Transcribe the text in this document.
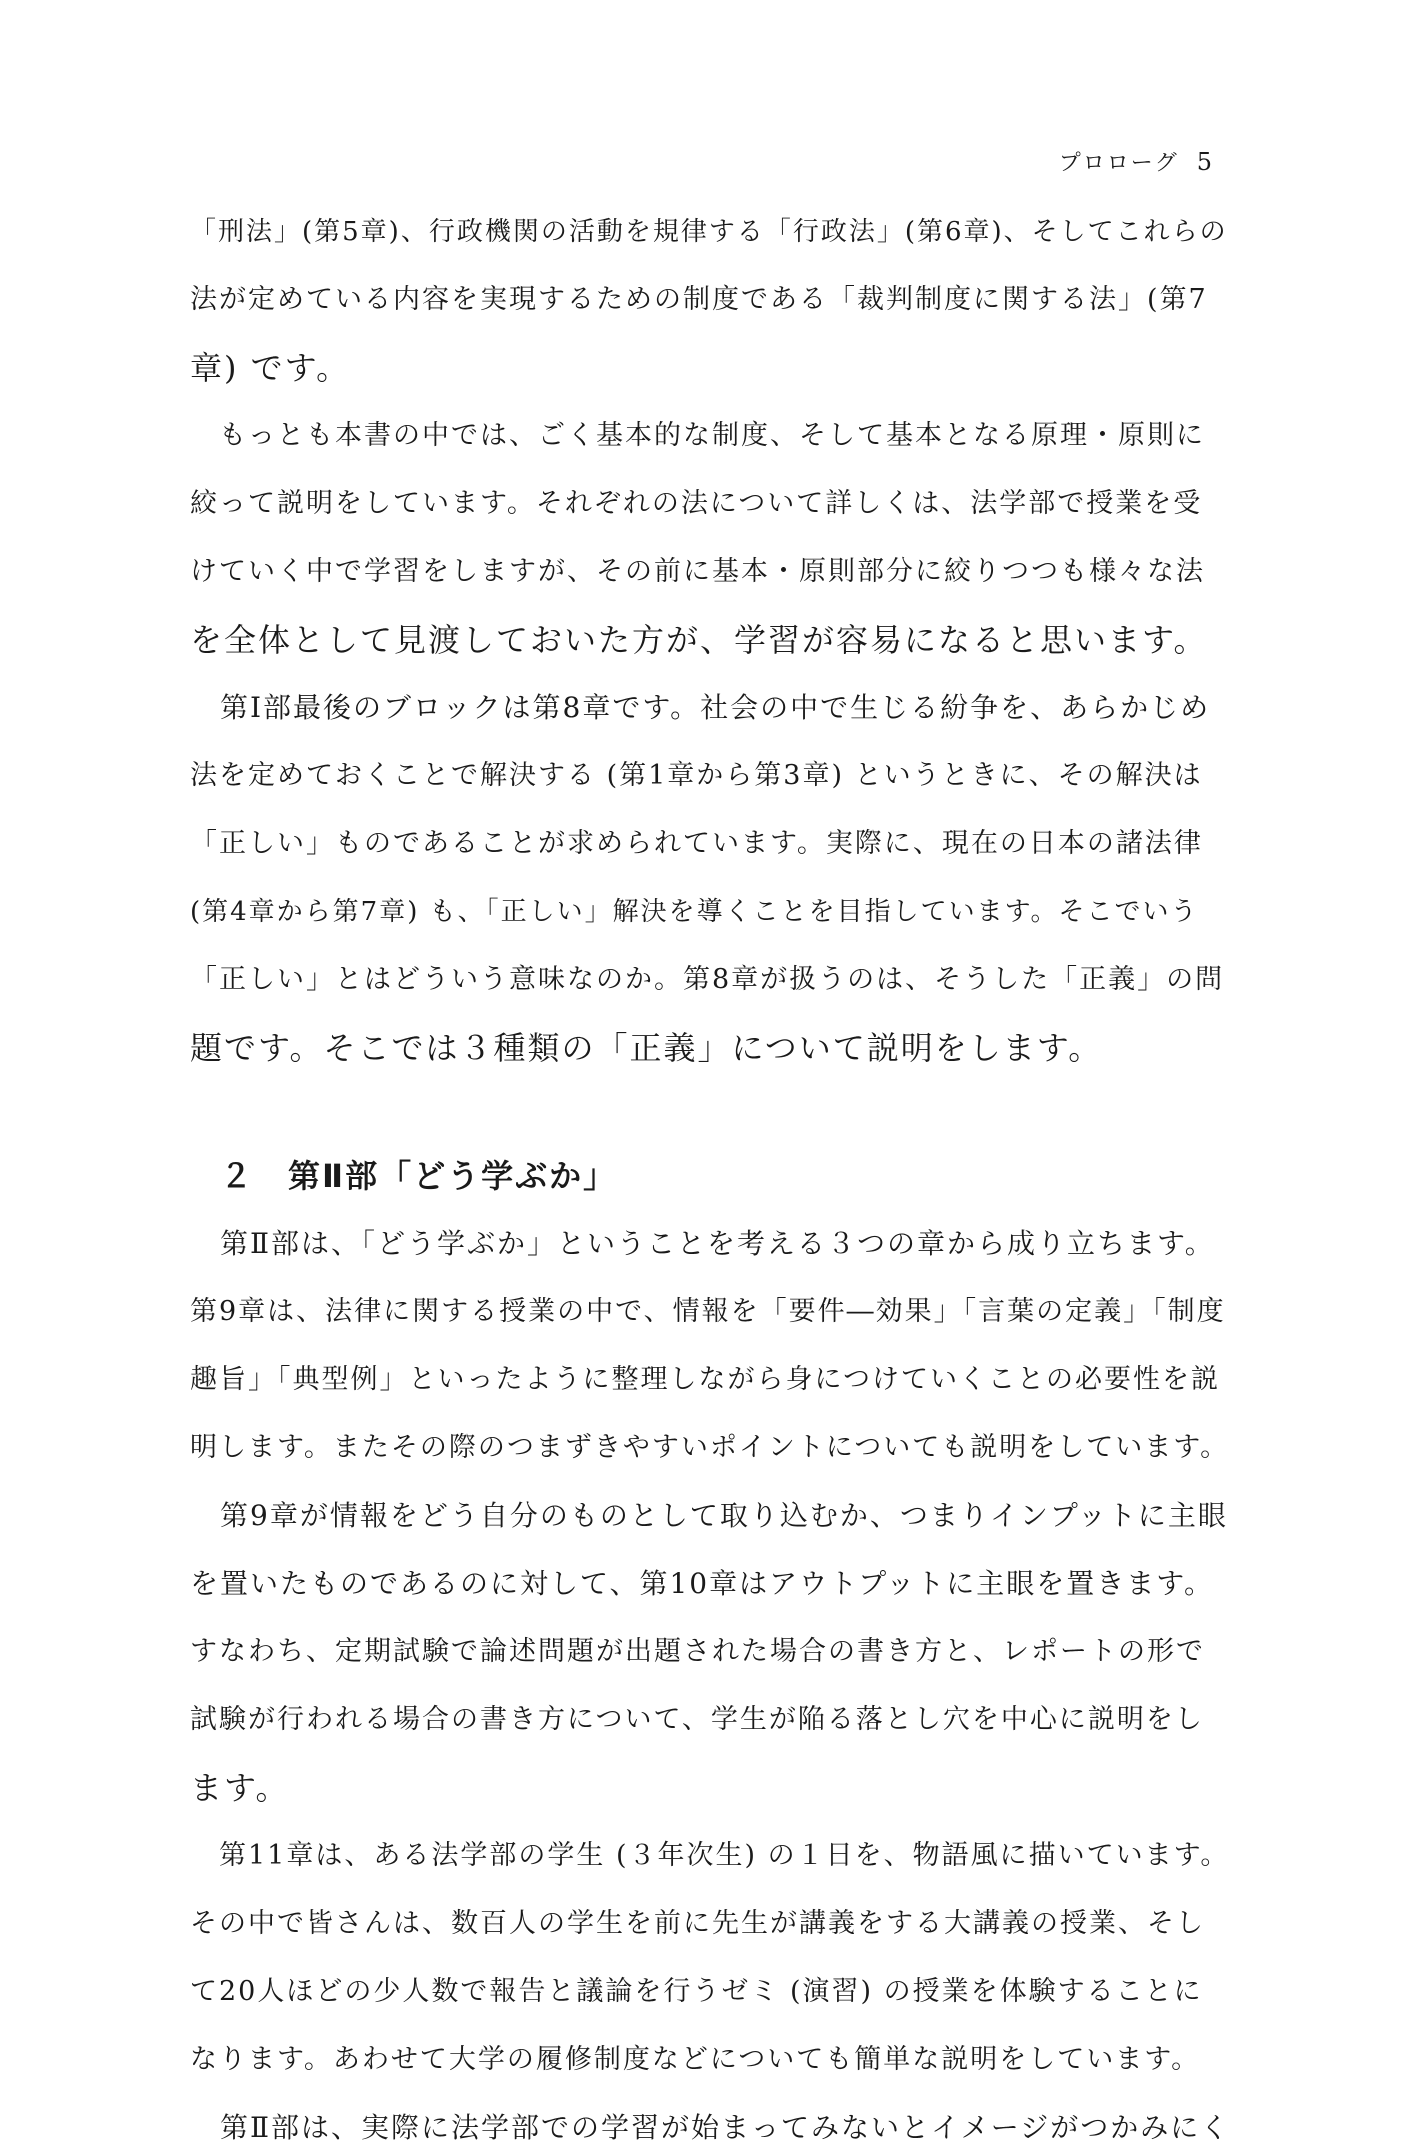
プロローグ 5
「刑法」(第5章)、行政機関の活動を規律する「行政法」(第6章)、そしてこれらの
法が定めている内容を実現するための制度である「裁判制度に関する法」(第7
章) です。
　もっとも本書の中では、ごく基本的な制度、そして基本となる原理・原則に
絞って説明をしています。それぞれの法について詳しくは、法学部で授業を受
けていく中で学習をしますが、その前に基本・原則部分に絞りつつも様々な法
を全体として見渡しておいた方が、学習が容易になると思います。
　第Ⅰ部最後のブロックは第8章です。社会の中で生じる紛争を、あらかじめ
法を定めておくことで解決する (第1章から第3章) というときに、その解決は
「正しい」ものであることが求められています。実際に、現在の日本の諸法律
(第4章から第7章) も、「正しい」解決を導くことを目指しています。そこでいう
「正しい」とはどういう意味なのか。第8章が扱うのは、そうした「正義」の問
題です。そこでは３種類の「正義」について説明をします。
２　第Ⅱ部「どう学ぶか」
　第Ⅱ部は、「どう学ぶか」ということを考える３つの章から成り立ちます。
第9章は、法律に関する授業の中で、情報を「要件―効果」「言葉の定義」「制度
趣旨」「典型例」といったように整理しながら身につけていくことの必要性を説
明します。またその際のつまずきやすいポイントについても説明をしています。
　第9章が情報をどう自分のものとして取り込むか、つまりインプットに主眼
を置いたものであるのに対して、第10章はアウトプットに主眼を置きます。
すなわち、定期試験で論述問題が出題された場合の書き方と、レポートの形で
試験が行われる場合の書き方について、学生が陥る落とし穴を中心に説明をし
ます。
　第11章は、ある法学部の学生 (３年次生) の１日を、物語風に描いています。
その中で皆さんは、数百人の学生を前に先生が講義をする大講義の授業、そし
て20人ほどの少人数で報告と議論を行うゼミ (演習) の授業を体験することに
なります。あわせて大学の履修制度などについても簡単な説明をしています。
　第Ⅱ部は、実際に法学部での学習が始まってみないとイメージがつかみにく
